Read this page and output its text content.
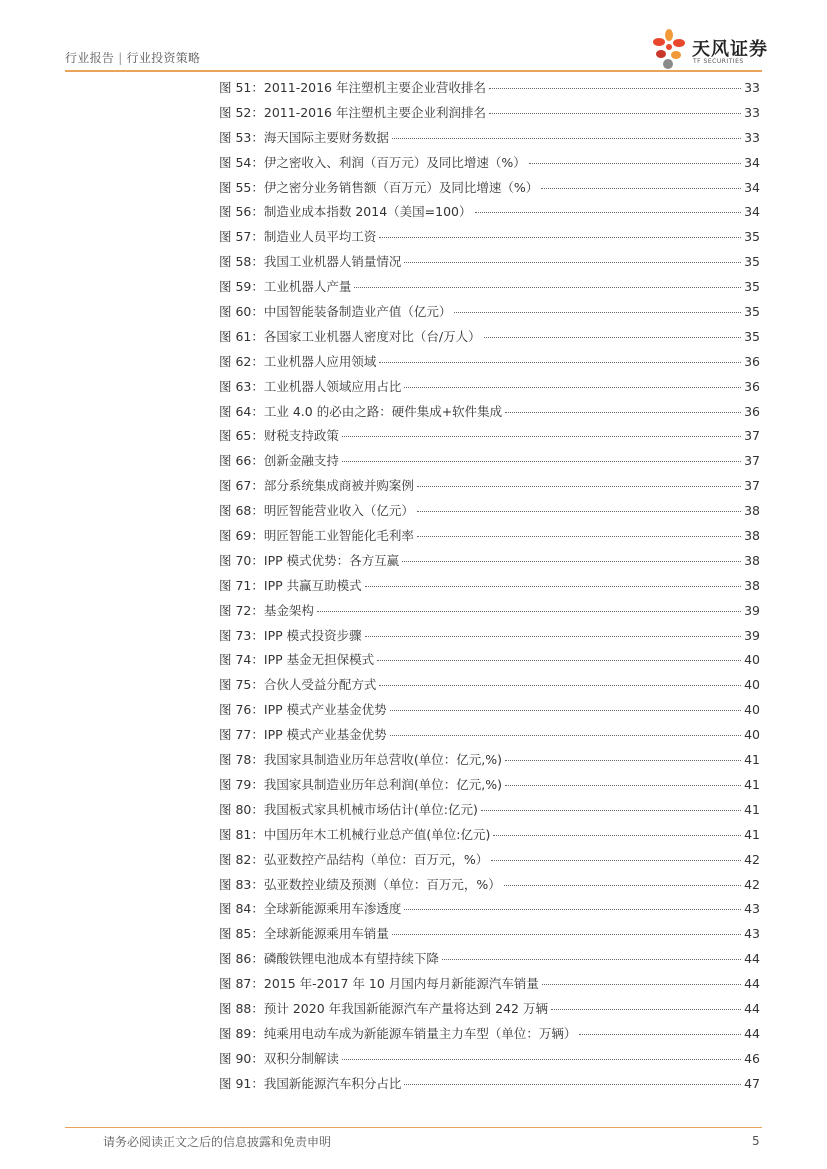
行业报告 | 行业投资策略	天风证券
TF SECURITIES
图 51：2011-2016 年注塑机主要企业营收排名	33
图 52：2011-2016 年注塑机主要企业利润排名	33
图 53：海天国际主要财务数据	33
图 54：伊之密收入、利润（百万元）及同比增速（%）	34
图 55：伊之密分业务销售额（百万元）及同比增速（%）	34
图 56：制造业成本指数 2014（美国=100）	34
图 57：制造业人员平均工资	35
图 58：我国工业机器人销量情况	35
图 59：工业机器人产量	35
图 60：中国智能装备制造业产值（亿元）	35
图 61：各国家工业机器人密度对比（台/万人）	35
图 62：工业机器人应用领域	36
图 63：工业机器人领域应用占比	36
图 64：工业 4.0 的必由之路：硬件集成+软件集成	36
图 65：财税支持政策	37
图 66：创新金融支持	37
图 67：部分系统集成商被并购案例	37
图 68：明匠智能营业收入（亿元）	38
图 69：明匠智能工业智能化毛利率	38
图 70：IPP 模式优势：各方互赢	38
图 71：IPP 共赢互助模式	38
图 72：基金架构	39
图 73：IPP 模式投资步骤	39
图 74：IPP 基金无担保模式	40
图 75：合伙人受益分配方式	40
图 76：IPP 模式产业基金优势	40
图 77：IPP 模式产业基金优势	40
图 78：我国家具制造业历年总营收(单位：亿元,%)	41
图 79：我国家具制造业历年总利润(单位：亿元,%)	41
图 80：我国板式家具机械市场估计(单位:亿元)	41
图 81：中国历年木工机械行业总产值(单位:亿元)	41
图 82：弘亚数控产品结构（单位：百万元，%）	42
图 83：弘亚数控业绩及预测（单位：百万元，%）	42
图 84：全球新能源乘用车渗透度	43
图 85：全球新能源乘用车销量	43
图 86：磷酸铁锂电池成本有望持续下降	44
图 87：2015 年-2017 年 10 月国内每月新能源汽车销量	44
图 88：预计 2020 年我国新能源汽车产量将达到 242 万辆	44
图 89：纯乘用电动车成为新能源车销量主力车型（单位：万辆）	44
图 90：双积分制解读	46
图 91：我国新能源汽车积分占比	47
请务必阅读正文之后的信息披露和免责申明	5
